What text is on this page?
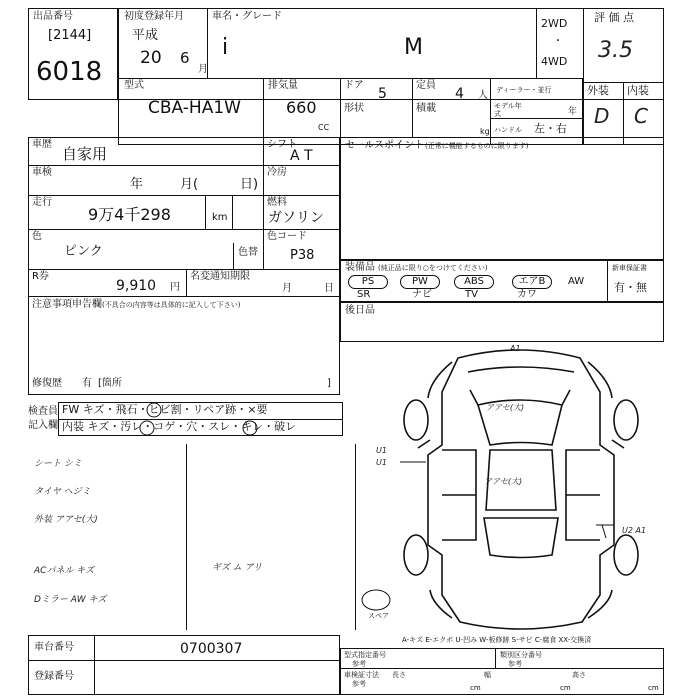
出品番号
[2144]
6018
初度登録年月
平成
20 6
月
車名・グレード
i	M
2WD
・
4WD
評 価 点
3.5
外装 内装
D C
型式
CBA-HA1W
排気量
660
CC
ドア
5
定員
4 人 ディーラー・並行
形状	積載
kg
モデル年式	年
ハンドル 左・右
車歴
自家用
シフト
A T
車検
年	月(	日)
冷房
走行
9万4千298	km
燃料
ガソリン
色
ピンク	色替
色コード
P38
R券
9,910 円
名変通知期限
月	日
注意事項申告欄 (不具合の内容等は具体的に記入して下さい)
修復歴 有 [箇所	]
セールスポイント (正常に機能するものに限ります)
装備品 (純正品に限り○をつけてください)	新車保証書
有・無
PS	PW	ABS	エアB	AW
SR	ナビ	TV	カワ
後日品
検査員
記入欄
FW キズ・飛石・ヒビ割・リペア跡・×要
内装 キズ・汚レ・コゲ・穴・スレ・キレ・破レ
シート シミ
タイヤ ヘジミ
外装 アアセ(大)
ACパネル キズ
Dミラー AW キズ
ギズ ム アリ
A1
アアセ(大)
U1
U1
アアセ(大)
U2 A1
スペア
A-キズ E-エクボ U-凹み W-板修跡 S-サビ C-腐食 XX-交換済
車台番号	0700307
登録番号
型式指定番号
参考
類別区分番号
参考
車検証寸法
参考
長さ
cm
幅
cm
高さ
cm
